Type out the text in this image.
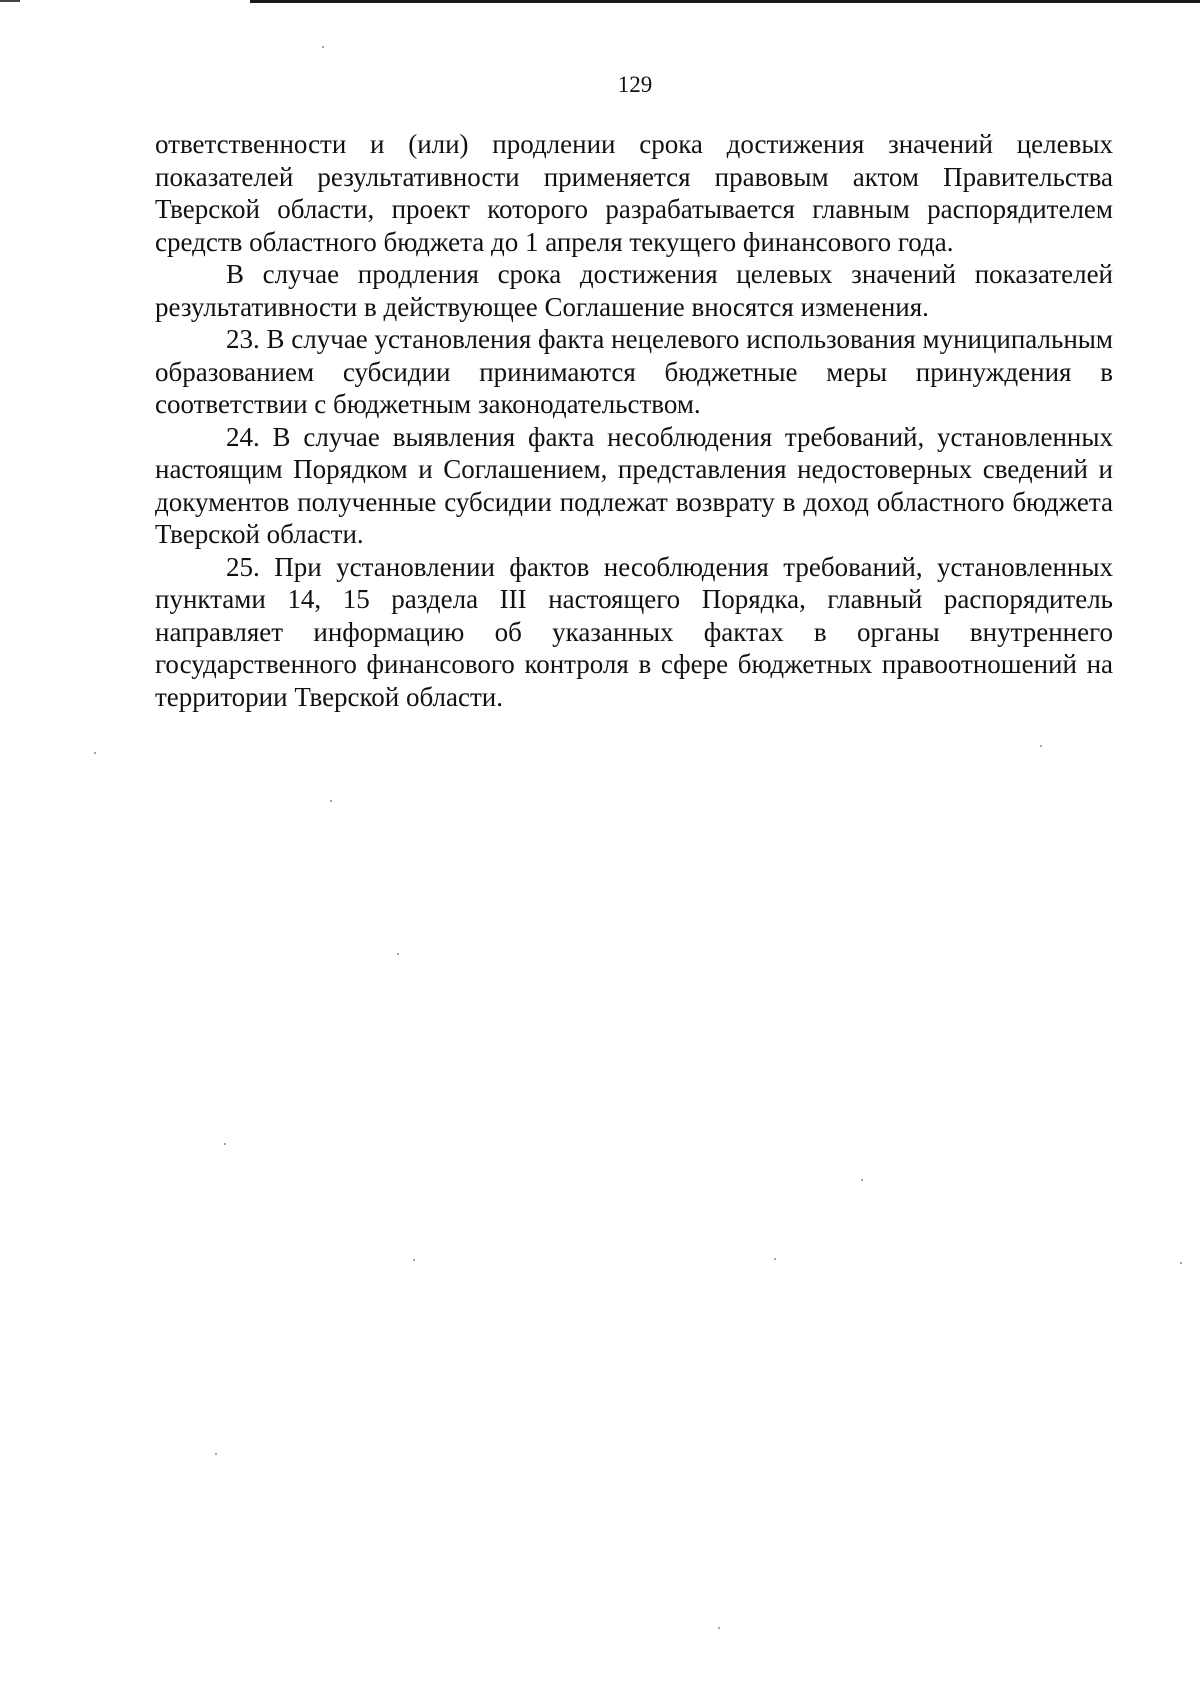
129

ответственности и (или) продлении срока достижения значений целевых показателей результативности применяется правовым актом Правительства Тверской области, проект которого разрабатывается главным распорядителем средств областного бюджета до 1 апреля текущего финансового года.

В случае продления срока достижения целевых значений показателей результативности в действующее Соглашение вносятся изменения.

23. В случае установления факта нецелевого использования муниципальным образованием субсидии принимаются бюджетные меры принуждения в соответствии с бюджетным законодательством.

24. В случае выявления факта несоблюдения требований, установленных настоящим Порядком и Соглашением, представления недостоверных сведений и документов полученные субсидии подлежат возврату в доход областного бюджета Тверской области.

25. При установлении фактов несоблюдения требований, установленных пунктами 14, 15 раздела III настоящего Порядка, главный распорядитель направляет информацию об указанных фактах в органы внутреннего государственного финансового контроля в сфере бюджетных правоотношений на территории Тверской области.
